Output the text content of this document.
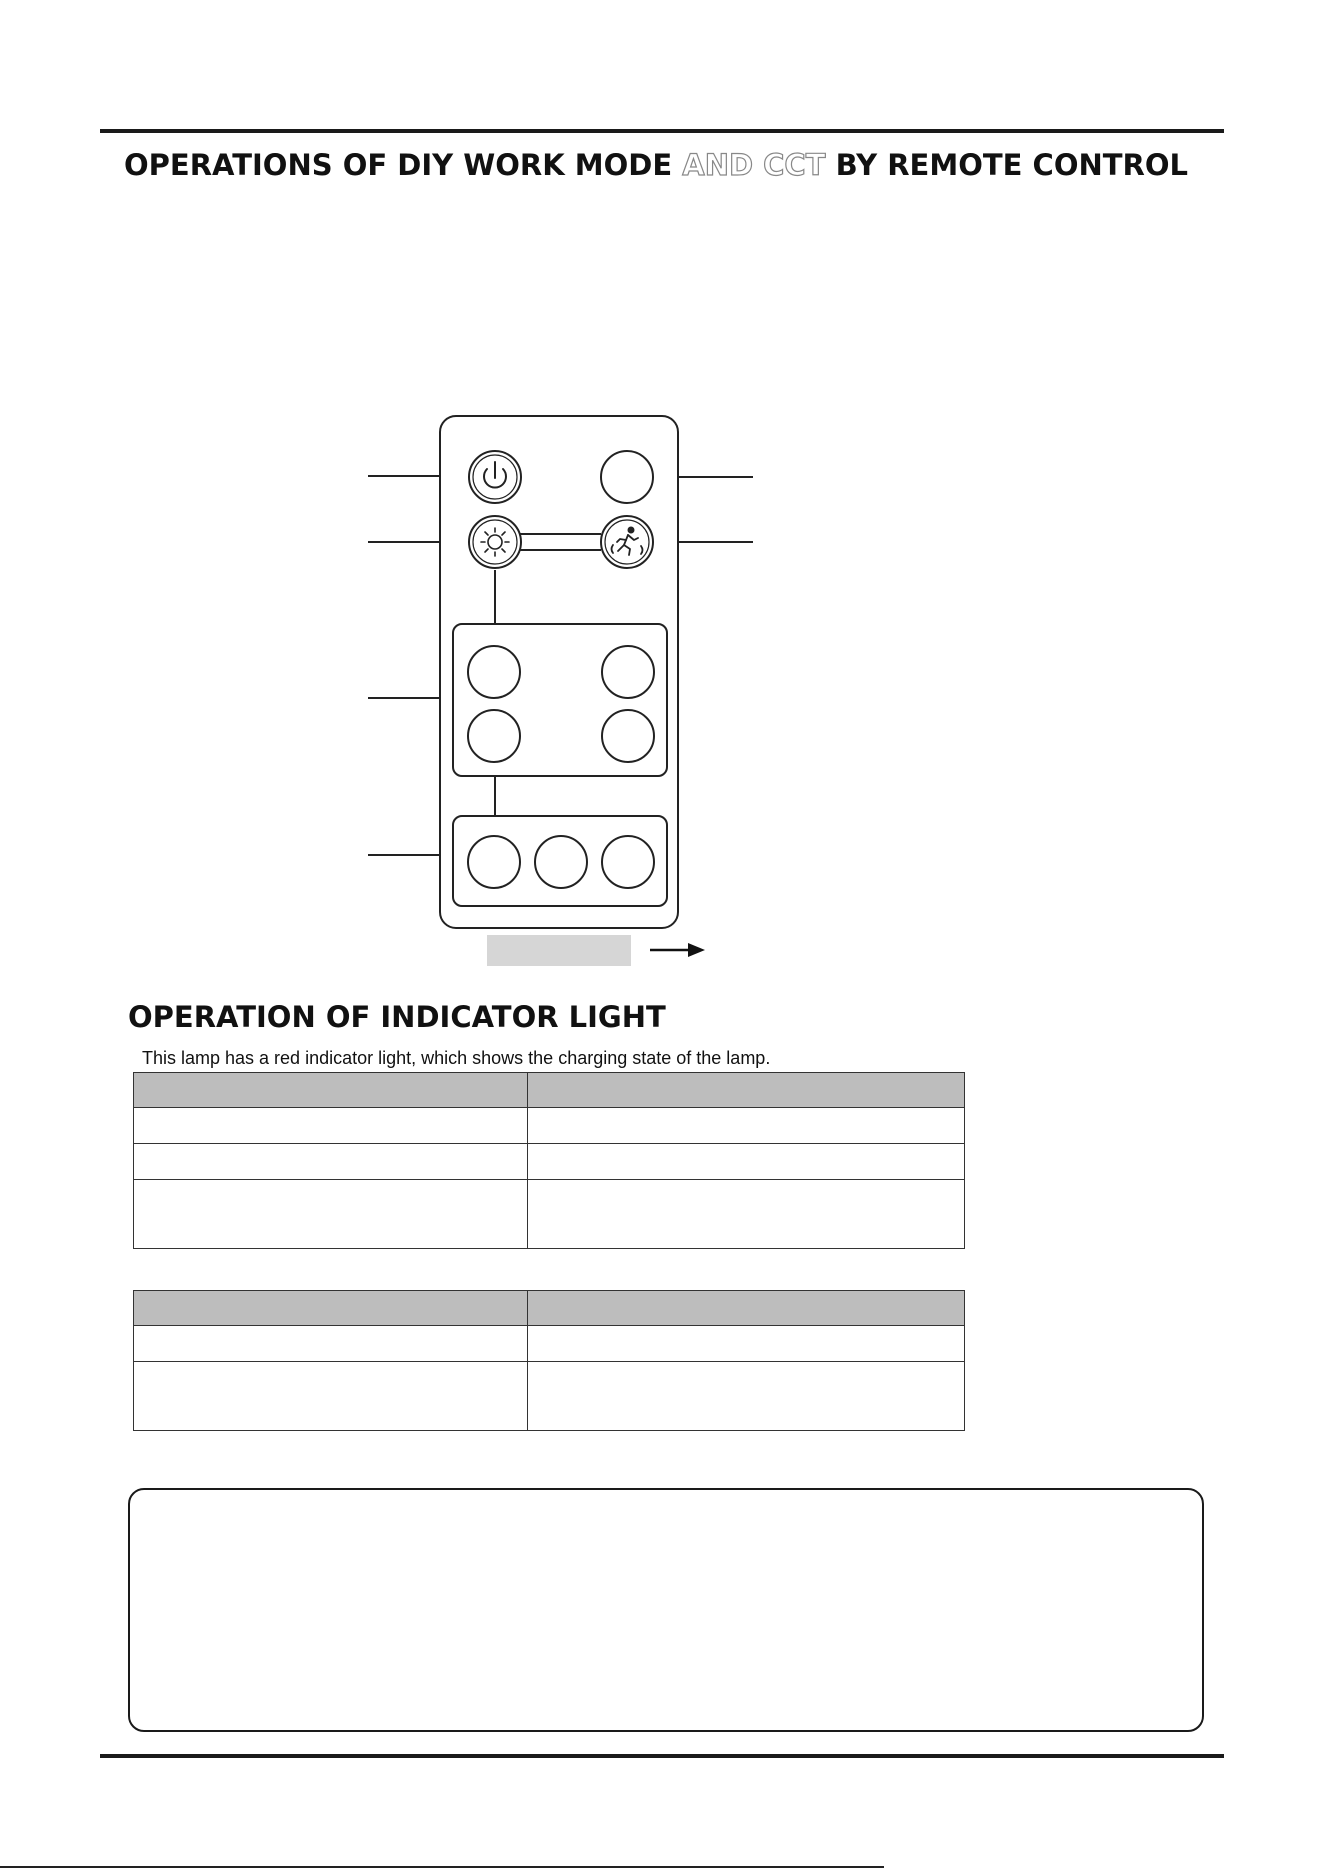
OPERATIONS OF DIY WORK MODE AND CCT BY REMOTE CONTROL
OPERATION OF INDICATOR LIGHT

This lamp has a red indicator light, which shows the charging state of the lamp.
